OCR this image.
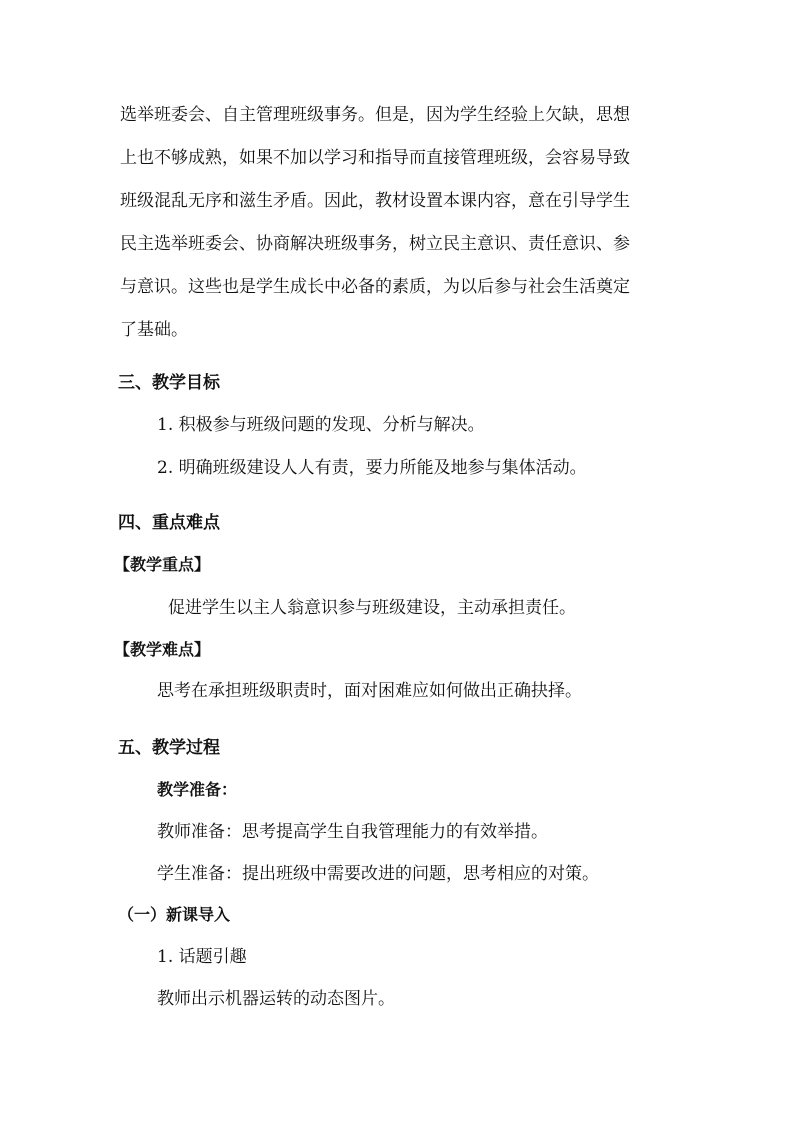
选举班委会、自主管理班级事务。但是，因为学生经验上欠缺，思想
上也不够成熟，如果不加以学习和指导而直接管理班级，会容易导致
班级混乱无序和滋生矛盾。因此，教材设置本课内容，意在引导学生
民主选举班委会、协商解决班级事务，树立民主意识、责任意识、参
与意识。这些也是学生成长中必备的素质，为以后参与社会生活奠定
了基础。
三、教学目标
1. 积极参与班级问题的发现、分析与解决。
2. 明确班级建设人人有责，要力所能及地参与集体活动。
四、重点难点
【教学重点】
促进学生以主人翁意识参与班级建设，主动承担责任。
【教学难点】
思考在承担班级职责时，面对困难应如何做出正确抉择。
五、教学过程
教学准备：
教师准备：思考提高学生自我管理能力的有效举措。
学生准备：提出班级中需要改进的问题，思考相应的对策。
（一）新课导入
1. 话题引趣
教师出示机器运转的动态图片。
